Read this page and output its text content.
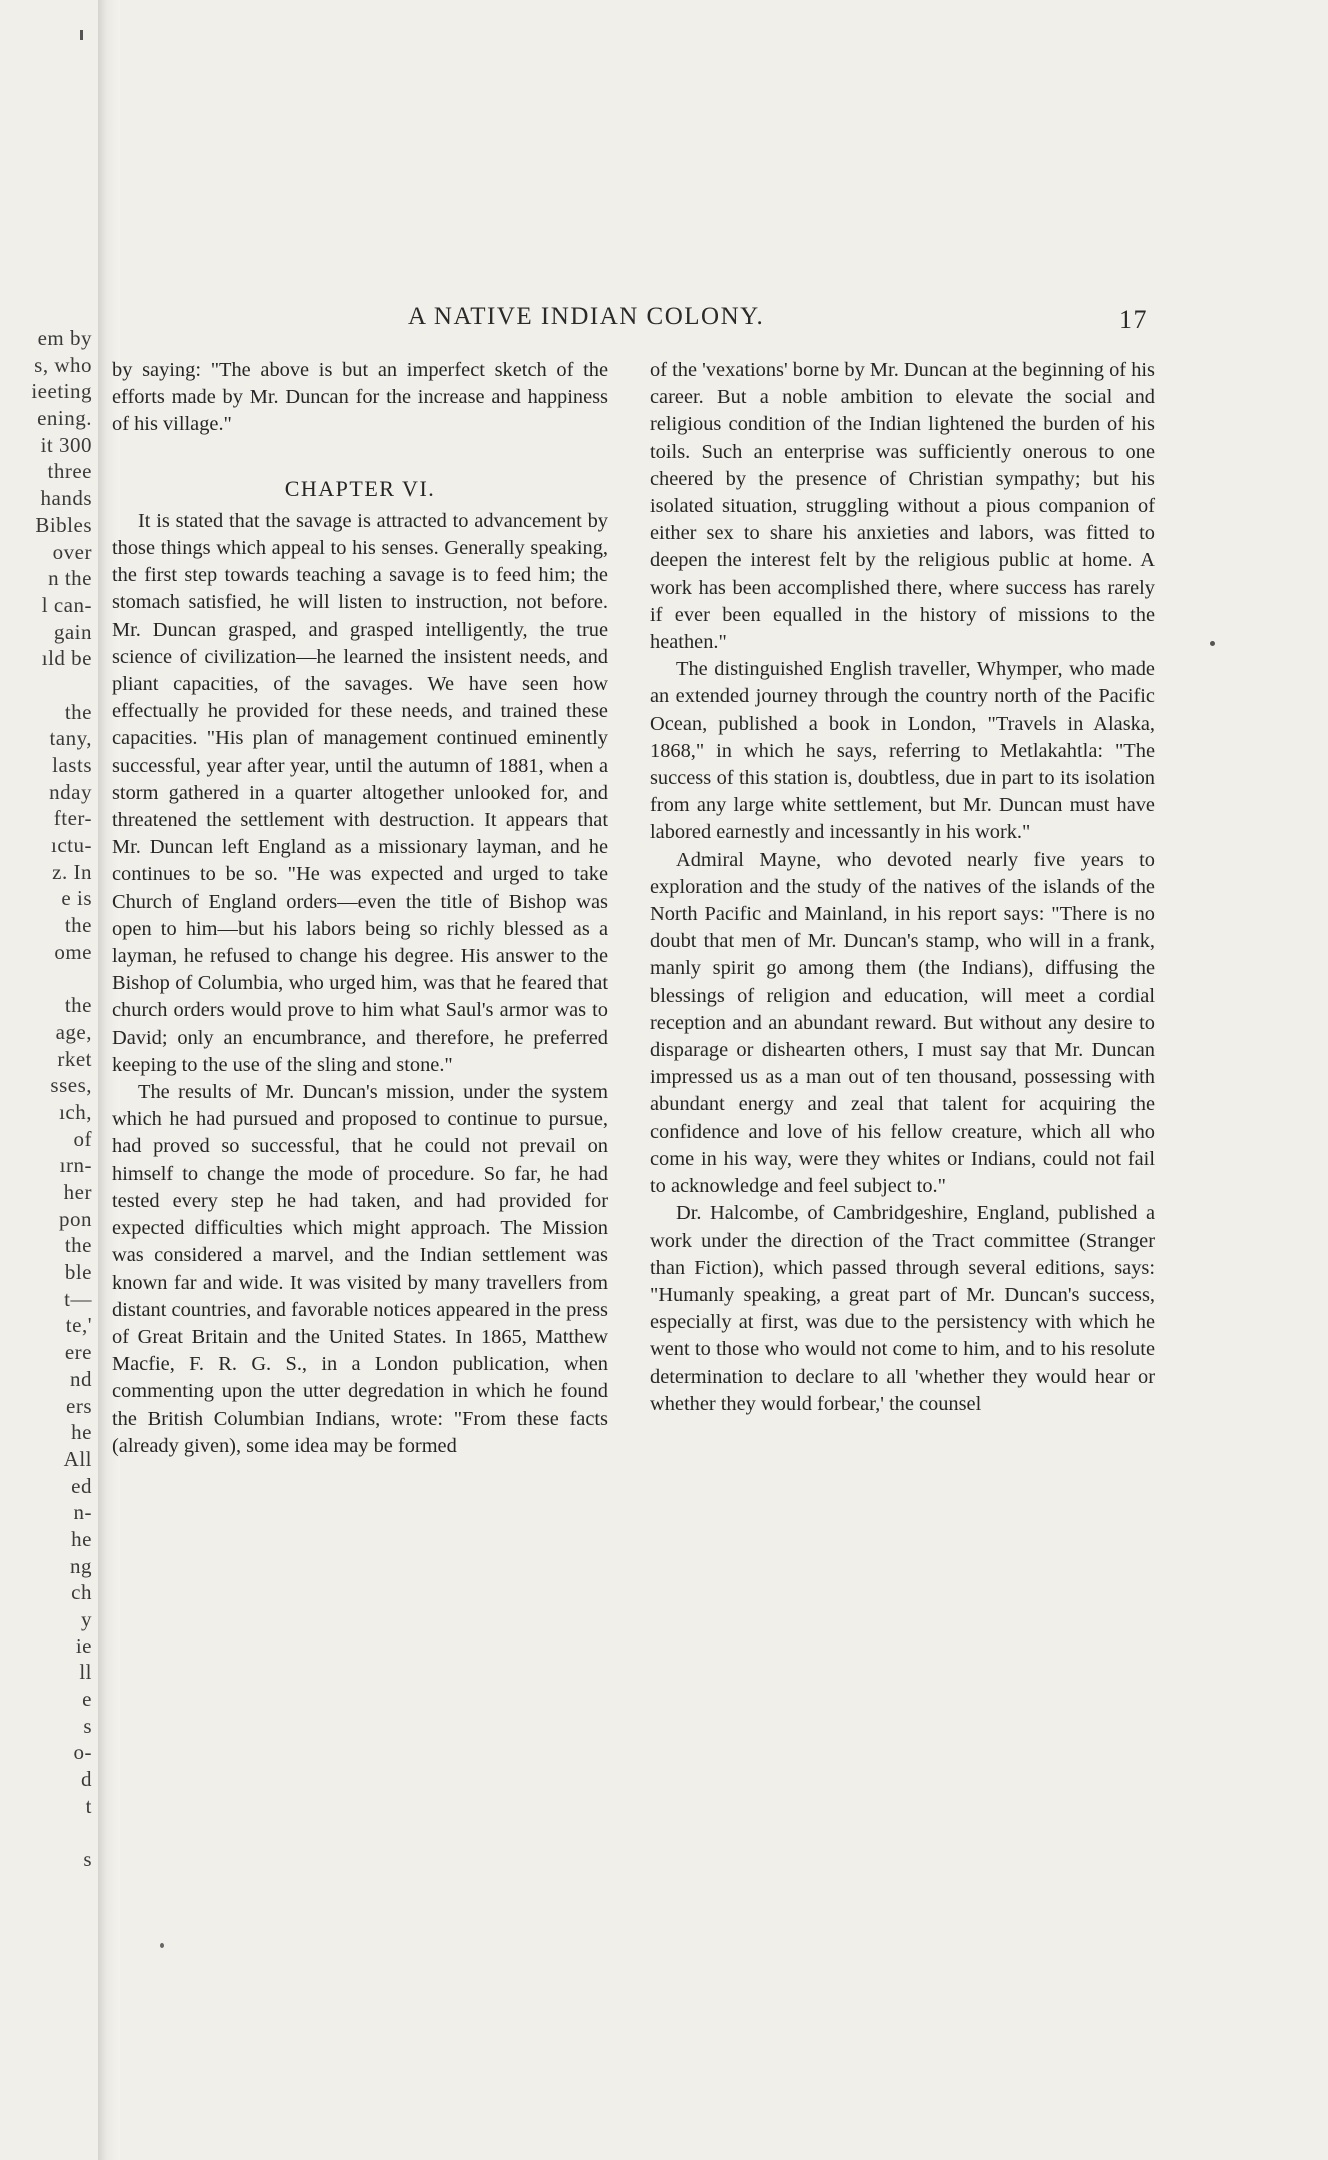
em by
s, who
ieeting
ening.
it 300
three
hands
Bibles
over
n the
l can-
gain
ıld be
the
tany,
lasts
nday
fter-
ıctu-
z. In
e is
the
ome
the
age,
rket
sses,
ıch,
of
ırn-
her
pon
the
ble
t—
te,'
ere
nd
ers
he
All
ed
n-
he
ng
ch
y
ie
ll
e
s
o-
d
t
s
A NATIVE INDIAN COLONY.	17

by saying: "The above is but an imperfect sketch of the efforts made by Mr. Duncan for the increase and happiness of his village."

CHAPTER VI.

It is stated that the savage is attracted to advancement by those things which appeal to his senses. Generally speaking, the first step towards teaching a savage is to feed him; the stomach satisfied, he will listen to instruction, not before. Mr. Duncan grasped, and grasped intelligently, the true science of civilization—he learned the insistent needs, and pliant capacities, of the savages. We have seen how effectually he provided for these needs, and trained these capacities. "His plan of management continued eminently successful, year after year, until the autumn of 1881, when a storm gathered in a quarter altogether unlooked for, and threatened the settlement with destruction. It appears that Mr. Duncan left England as a missionary layman, and he continues to be so. "He was expected and urged to take Church of England orders—even the title of Bishop was open to him—but his labors being so richly blessed as a layman, he refused to change his degree. His answer to the Bishop of Columbia, who urged him, was that he feared that church orders would prove to him what Saul's armor was to David; only an encumbrance, and therefore, he preferred keeping to the use of the sling and stone."

The results of Mr. Duncan's mission, under the system which he had pursued and proposed to continue to pursue, had proved so successful, that he could not prevail on himself to change the mode of procedure. So far, he had tested every step he had taken, and had provided for expected difficulties which might approach. The Mission was considered a marvel, and the Indian settlement was known far and wide. It was visited by many travellers from distant countries, and favorable notices appeared in the press of Great Britain and the United States. In 1865, Matthew Macfie, F. R. G. S., in a London publication, when commenting upon the utter degredation in which he found the British Columbian Indians, wrote: "From these facts (already given), some idea may be formed

of the 'vexations' borne by Mr. Duncan at the beginning of his career. But a noble ambition to elevate the social and religious condition of the Indian lightened the burden of his toils. Such an enterprise was sufficiently onerous to one cheered by the presence of Christian sympathy; but his isolated situation, struggling without a pious companion of either sex to share his anxieties and labors, was fitted to deepen the interest felt by the religious public at home. A work has been accomplished there, where success has rarely if ever been equalled in the history of missions to the heathen."

The distinguished English traveller, Whymper, who made an extended journey through the country north of the Pacific Ocean, published a book in London, "Travels in Alaska, 1868," in which he says, referring to Metlakahtla: "The success of this station is, doubtless, due in part to its isolation from any large white settlement, but Mr. Duncan must have labored earnestly and incessantly in his work."

Admiral Mayne, who devoted nearly five years to exploration and the study of the natives of the islands of the North Pacific and Mainland, in his report says: "There is no doubt that men of Mr. Duncan's stamp, who will in a frank, manly spirit go among them (the Indians), diffusing the blessings of religion and education, will meet a cordial reception and an abundant reward. But without any desire to disparage or dishearten others, I must say that Mr. Duncan impressed us as a man out of ten thousand, possessing with abundant energy and zeal that talent for acquiring the confidence and love of his fellow creature, which all who come in his way, were they whites or Indians, could not fail to acknowledge and feel subject to."

Dr. Halcombe, of Cambridgeshire, England, published a work under the direction of the Tract committee (Stranger than Fiction), which passed through several editions, says: "Humanly speaking, a great part of Mr. Duncan's success, especially at first, was due to the persistency with which he went to those who would not come to him, and to his resolute determination to declare to all 'whether they would hear or whether they would forbear,' the counsel
